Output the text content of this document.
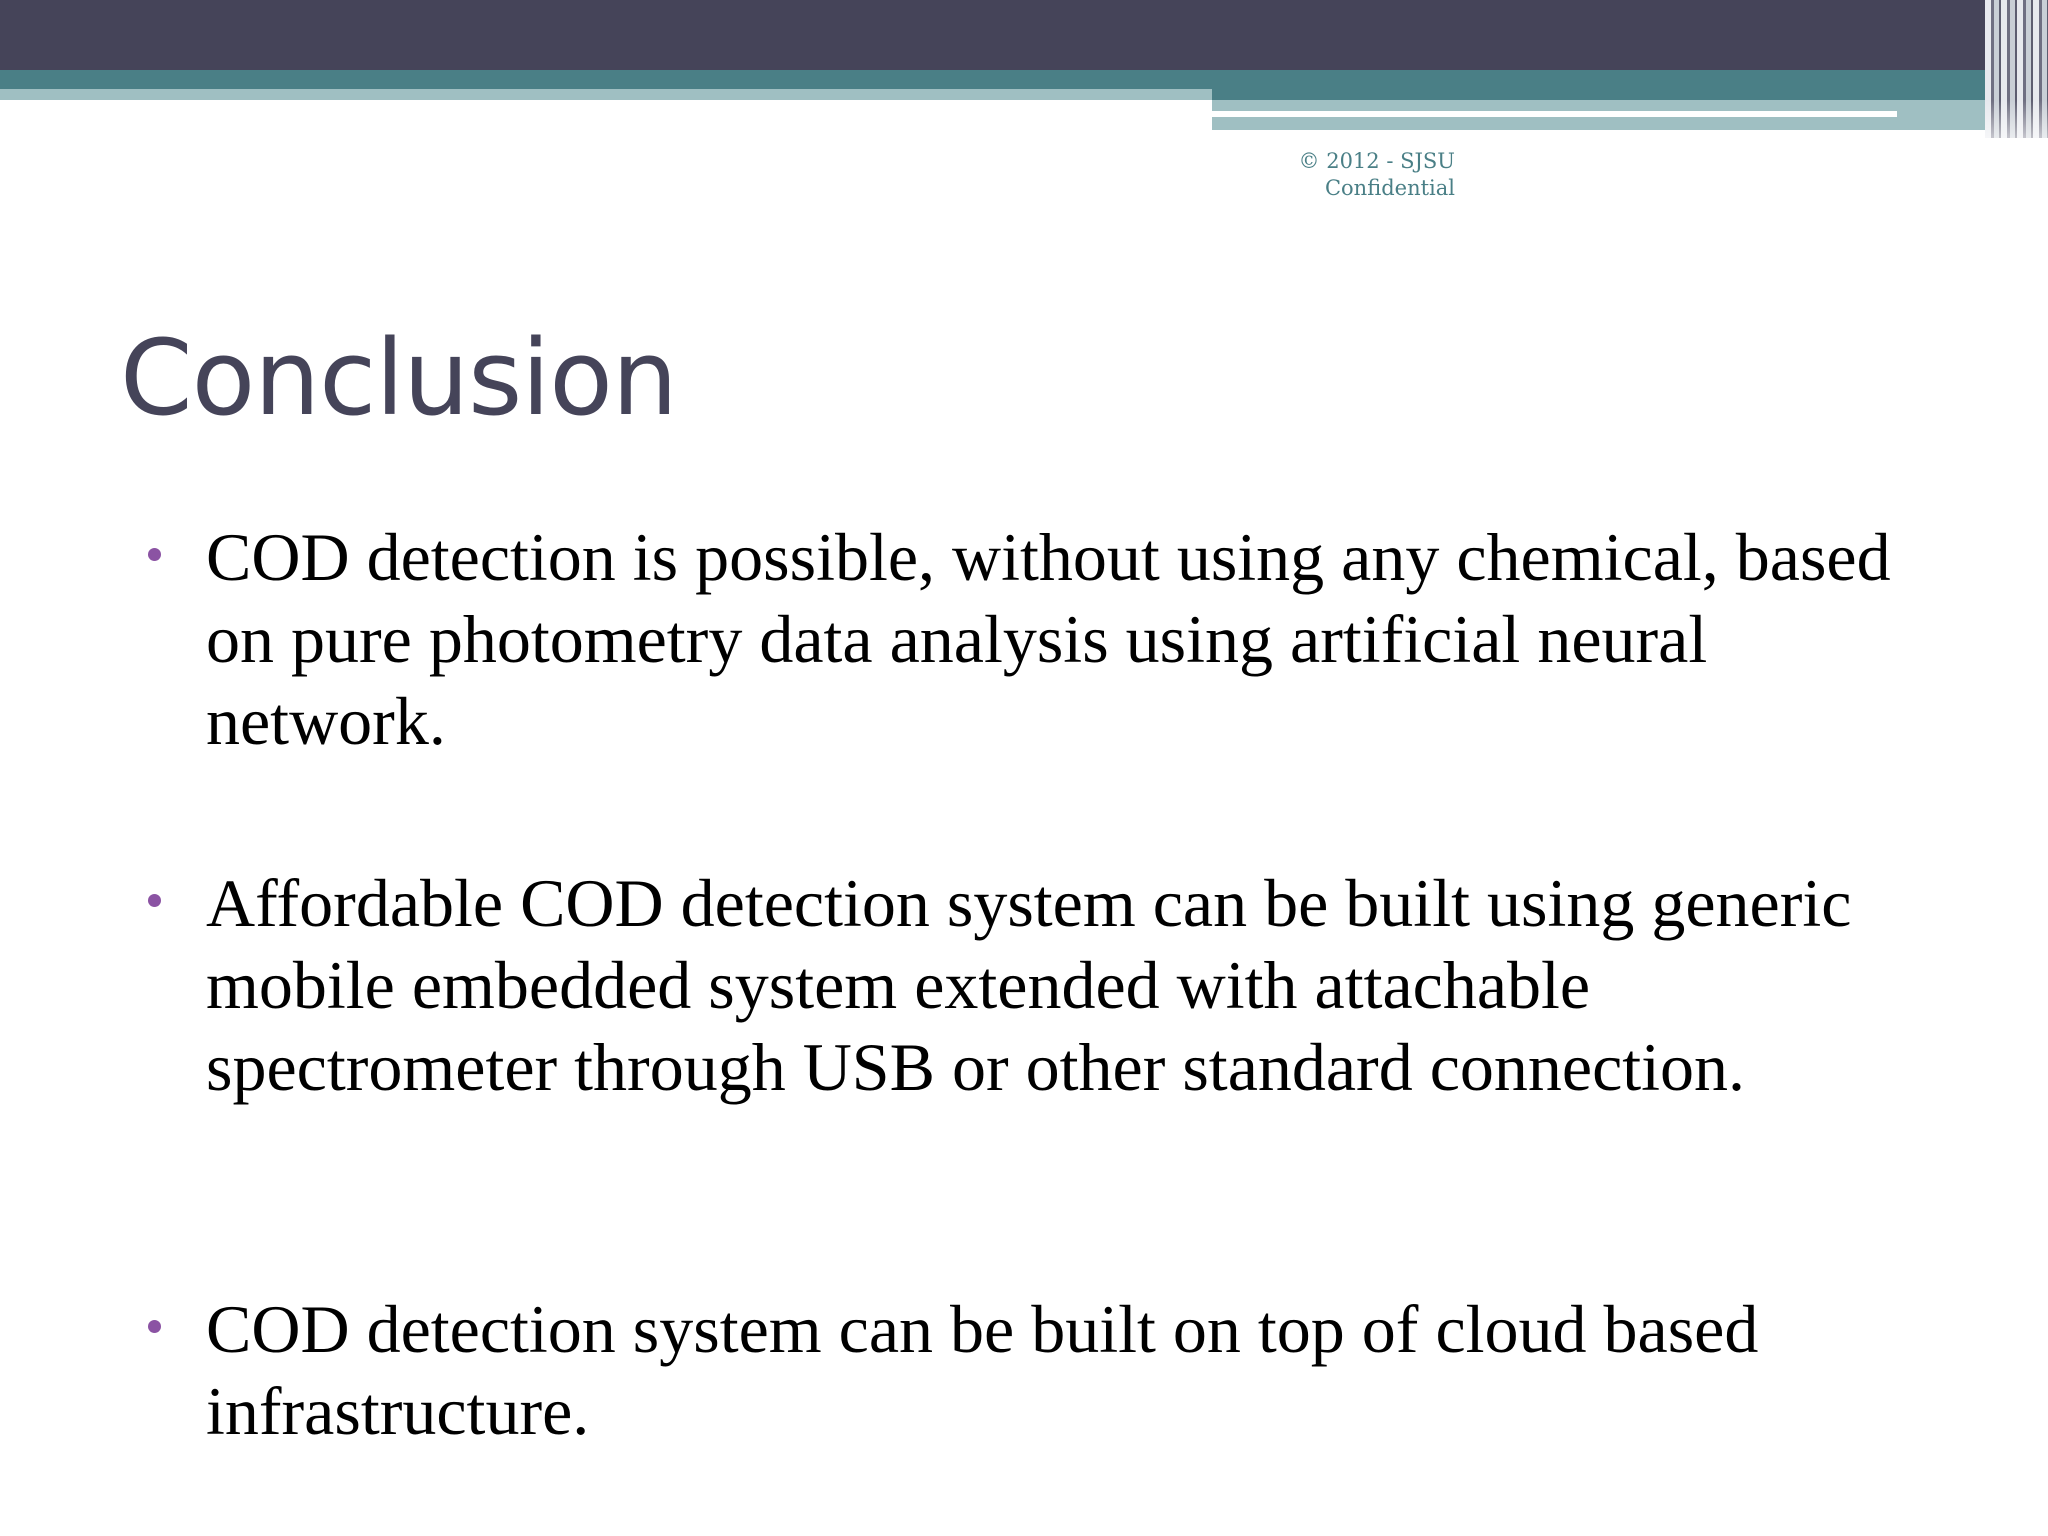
© 2012 - SJSU
Confidential
Conclusion
COD detection is possible, without using any chemical, based on pure photometry data analysis using artificial neural network.
Affordable COD detection system can be built using generic mobile embedded system extended with attachable spectrometer through USB or other standard connection.
COD detection system can be built on top of cloud based infrastructure.
